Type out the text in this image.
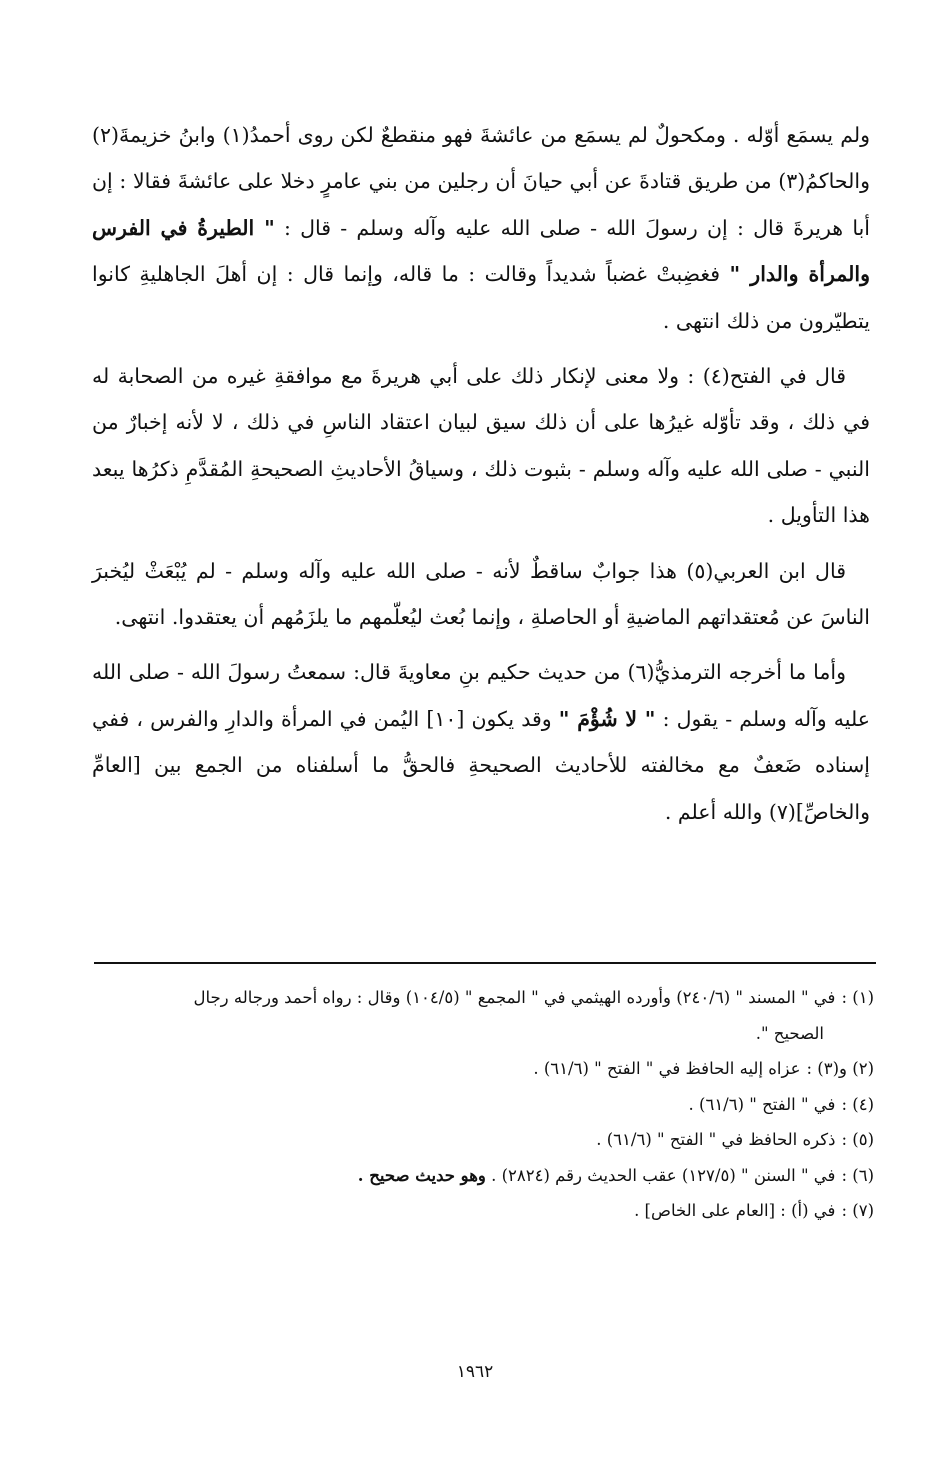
ولم يسمَع أوّله . ومكحولٌ لم يسمَع من عائشةَ فهو منقطعٌ لكن روى أحمدُ(١) وابنُ خزيمةَ(٢) والحاكمُ(٣) من طريق قتادةَ عن أبي حيانَ أن رجلين من بني عامرٍ دخلا على عائشةَ فقالا : إن أبا هريرةَ قال : إن رسولَ الله - صلى الله عليه وآله وسلم - قال : " الطيرةُ في الفرس والمرأة والدار " فغضِبتْ غضباً شديداً وقالت : ما قاله، وإنما قال : إن أهلَ الجاهليةِ كانوا يتطيّرون من ذلك انتهى .

قال في الفتح(٤) : ولا معنى لإنكار ذلك على أبي هريرةَ مع موافقةِ غيره من الصحابة له في ذلك ، وقد تأوّله غيرُها على أن ذلك سيق لبيان اعتقاد الناسِ في ذلك ، لا لأنه إخبارٌ من النبي - صلى الله عليه وآله وسلم - بثبوت ذلك ، وسياقُ الأحاديثِ الصحيحةِ المُقدَّمِ ذكرُها يبعد هذا التأويل .

قال ابن العربي(٥) هذا جوابٌ ساقطٌ لأنه - صلى الله عليه وآله وسلم - لم يُبْعَثْ ليُخبرَ الناسَ عن مُعتقداتهم الماضيةِ أو الحاصلةِ ، وإنما بُعث ليُعلّمهم ما يلزَمُهم أن يعتقدوا. انتهى.

وأما ما أخرجه الترمذيُّ(٦) من حديث حكيم بنِ معاويةَ قال: سمعتُ رسولَ الله - صلى الله عليه وآله وسلم - يقول : " لا شُؤْمَ " وقد يكون [١٠] اليُمن في المرأة والدارِ والفرس ، ففي إسناده ضَعفٌ مع مخالفته للأحاديث الصحيحةِ فالحقُّ ما أسلفناه من الجمع بين [العامِّ والخاصِّ](٧) والله أعلم .

(١) :في " المسند " (٢٤٠/٦) وأورده الهيثمي في " المجمع " (١٠٤/٥) وقال : رواه أحمد ورجاله رجال
الصحيح ".
(٢) و(٣) :عزاه إليه الحافظ في " الفتح " (٦١/٦) .
(٤) :في " الفتح " (٦١/٦) .
(٥) :ذكره الحافظ في " الفتح " (٦١/٦) .
(٦) :في " السنن " (١٢٧/٥) عقب الحديث رقم (٢٨٢٤) . وهو حديث صحيح .
(٧) :في (أ) : [العام على الخاص] .
١٩٦٢
